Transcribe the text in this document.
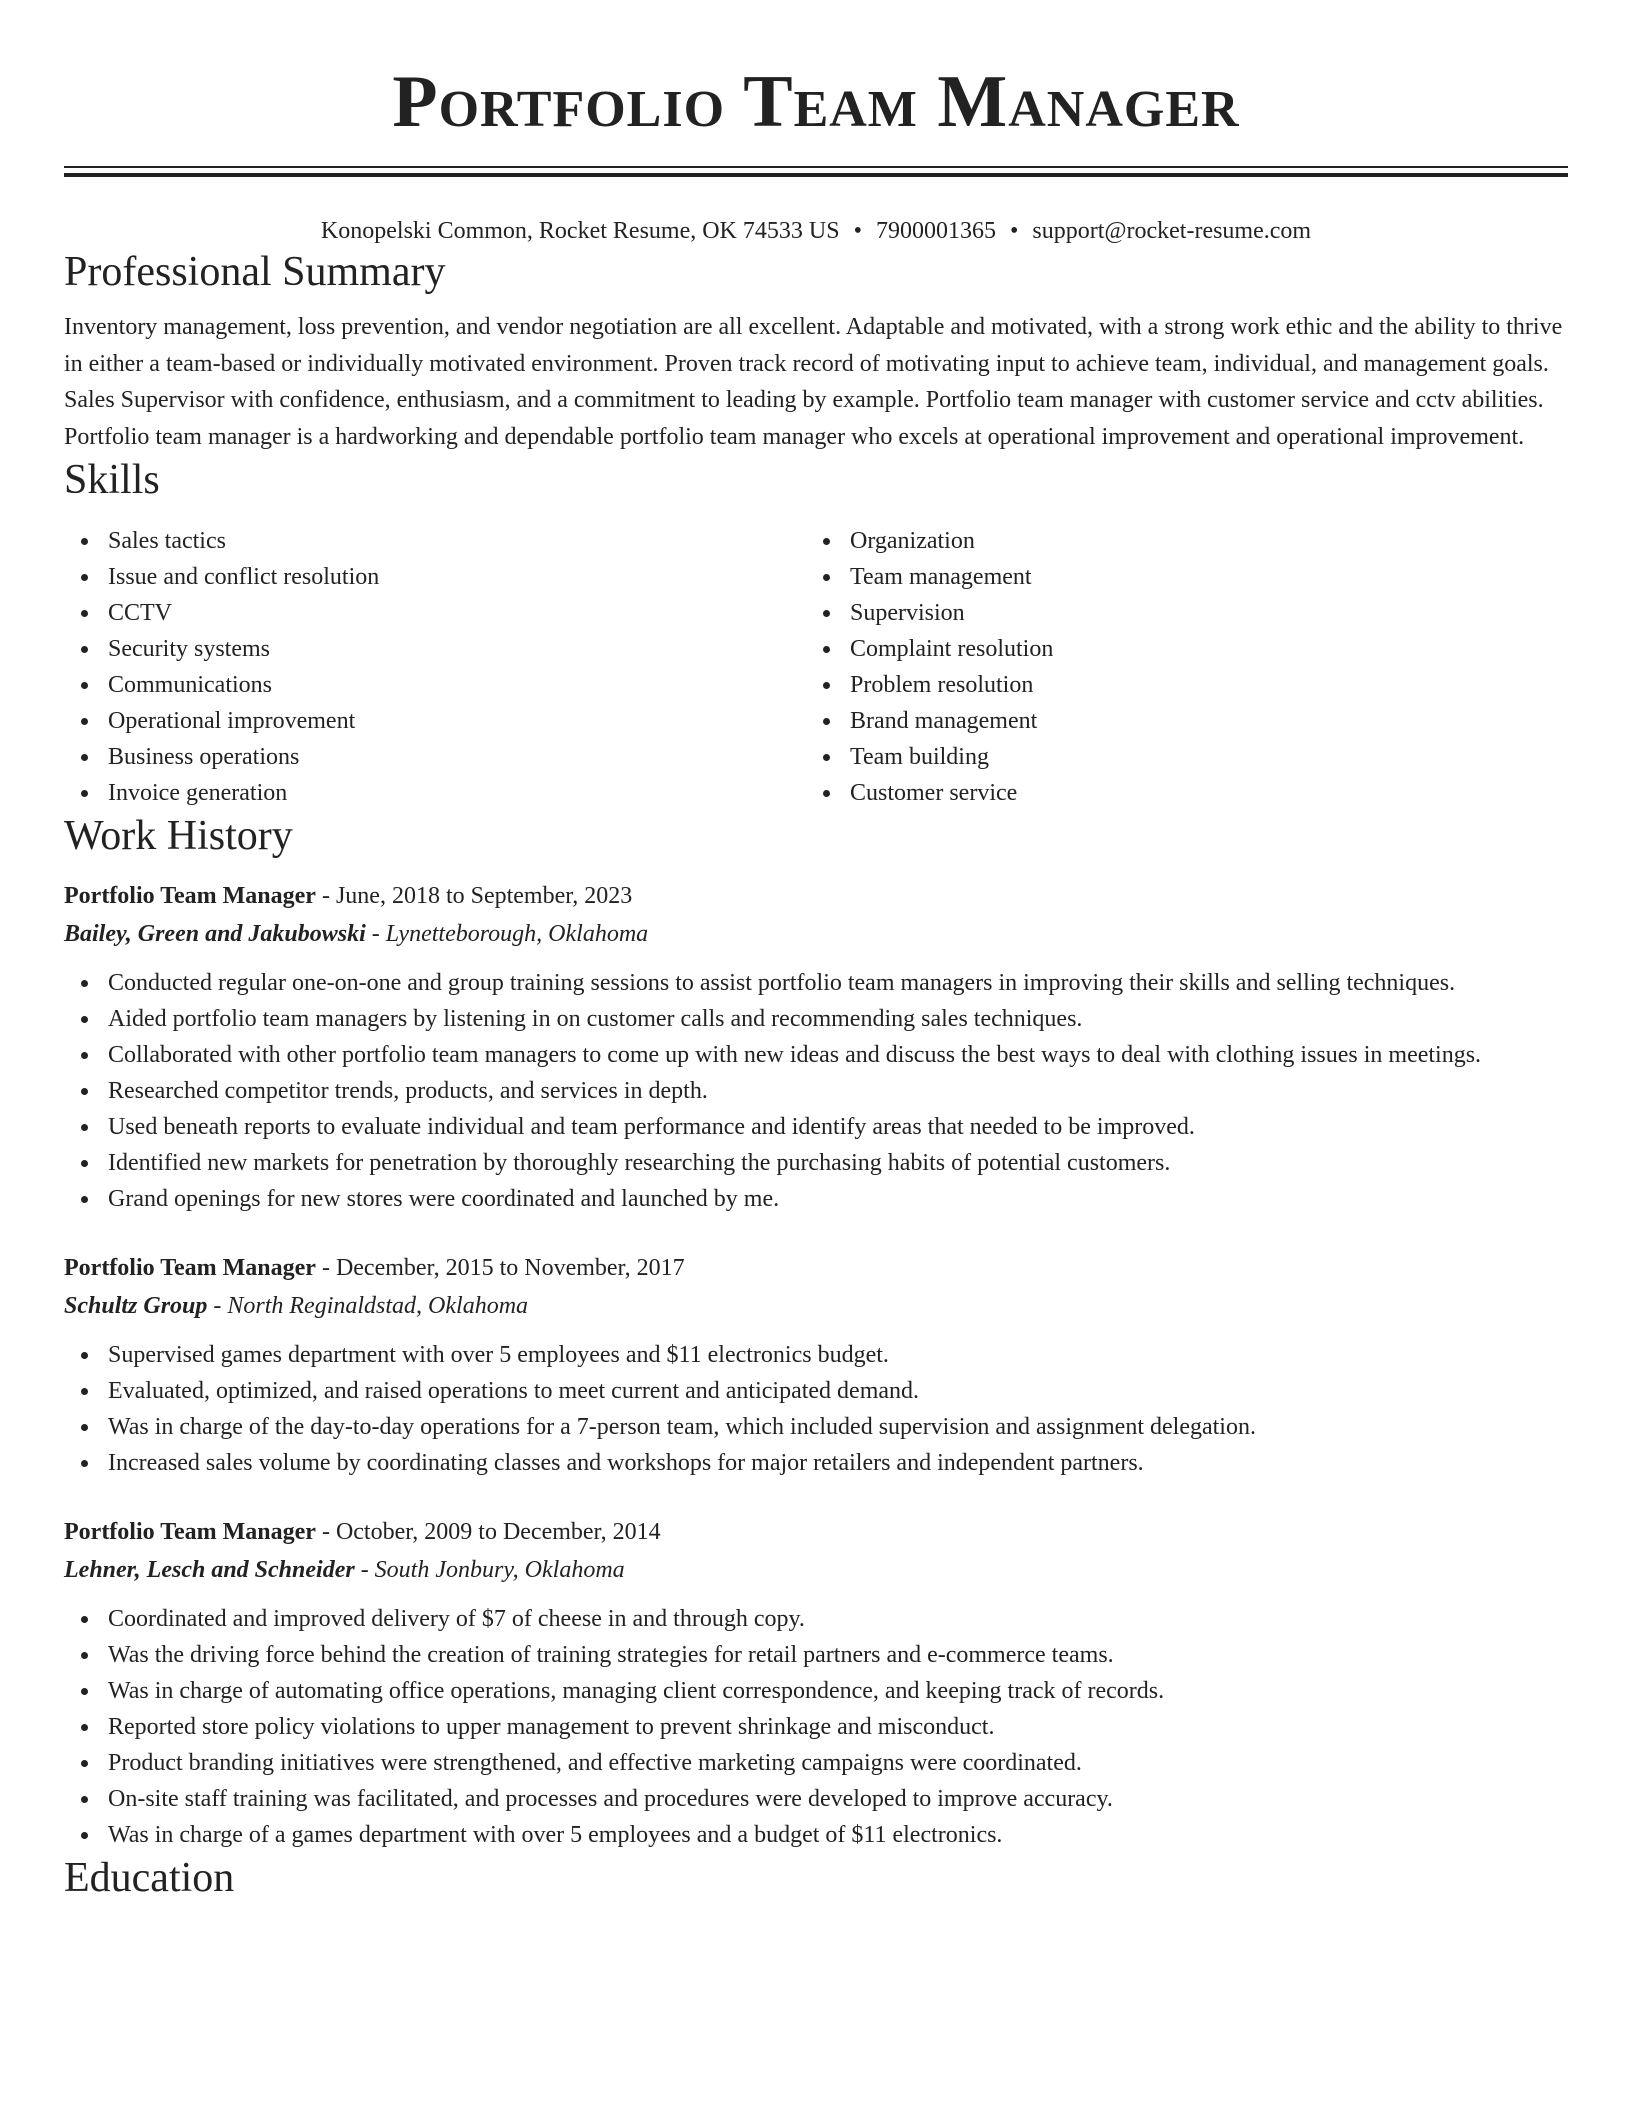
Portfolio Team Manager
Konopelski Common, Rocket Resume, OK 74533 US • 7900001365 • support@rocket-resume.com
Professional Summary

Inventory management, loss prevention, and vendor negotiation are all excellent. Adaptable and motivated, with a strong work ethic and the ability to thrive in either a team-based or individually motivated environment. Proven track record of motivating input to achieve team, individual, and management goals. Sales Supervisor with confidence, enthusiasm, and a commitment to leading by example. Portfolio team manager with customer service and cctv abilities. Portfolio team manager is a hardworking and dependable portfolio team manager who excels at operational improvement and operational improvement.

Skills
Sales tactics
Issue and conflict resolution
CCTV
Security systems
Communications
Operational improvement
Business operations
Invoice generation
Organization
Team management
Supervision
Complaint resolution
Problem resolution
Brand management
Team building
Customer service
Work History
Portfolio Team Manager - June, 2018 to September, 2023
Bailey, Green and Jakubowski - Lynetteborough, Oklahoma
Conducted regular one-on-one and group training sessions to assist portfolio team managers in improving their skills and selling techniques.
Aided portfolio team managers by listening in on customer calls and recommending sales techniques.
Collaborated with other portfolio team managers to come up with new ideas and discuss the best ways to deal with clothing issues in meetings.
Researched competitor trends, products, and services in depth.
Used beneath reports to evaluate individual and team performance and identify areas that needed to be improved.
Identified new markets for penetration by thoroughly researching the purchasing habits of potential customers.
Grand openings for new stores were coordinated and launched by me.
Portfolio Team Manager - December, 2015 to November, 2017
Schultz Group - North Reginaldstad, Oklahoma
Supervised games department with over 5 employees and $11 electronics budget.
Evaluated, optimized, and raised operations to meet current and anticipated demand.
Was in charge of the day-to-day operations for a 7-person team, which included supervision and assignment delegation.
Increased sales volume by coordinating classes and workshops for major retailers and independent partners.
Portfolio Team Manager - October, 2009 to December, 2014
Lehner, Lesch and Schneider - South Jonbury, Oklahoma
Coordinated and improved delivery of $7 of cheese in and through copy.
Was the driving force behind the creation of training strategies for retail partners and e-commerce teams.
Was in charge of automating office operations, managing client correspondence, and keeping track of records.
Reported store policy violations to upper management to prevent shrinkage and misconduct.
Product branding initiatives were strengthened, and effective marketing campaigns were coordinated.
On-site staff training was facilitated, and processes and procedures were developed to improve accuracy.
Was in charge of a games department with over 5 employees and a budget of $11 electronics.
Education
